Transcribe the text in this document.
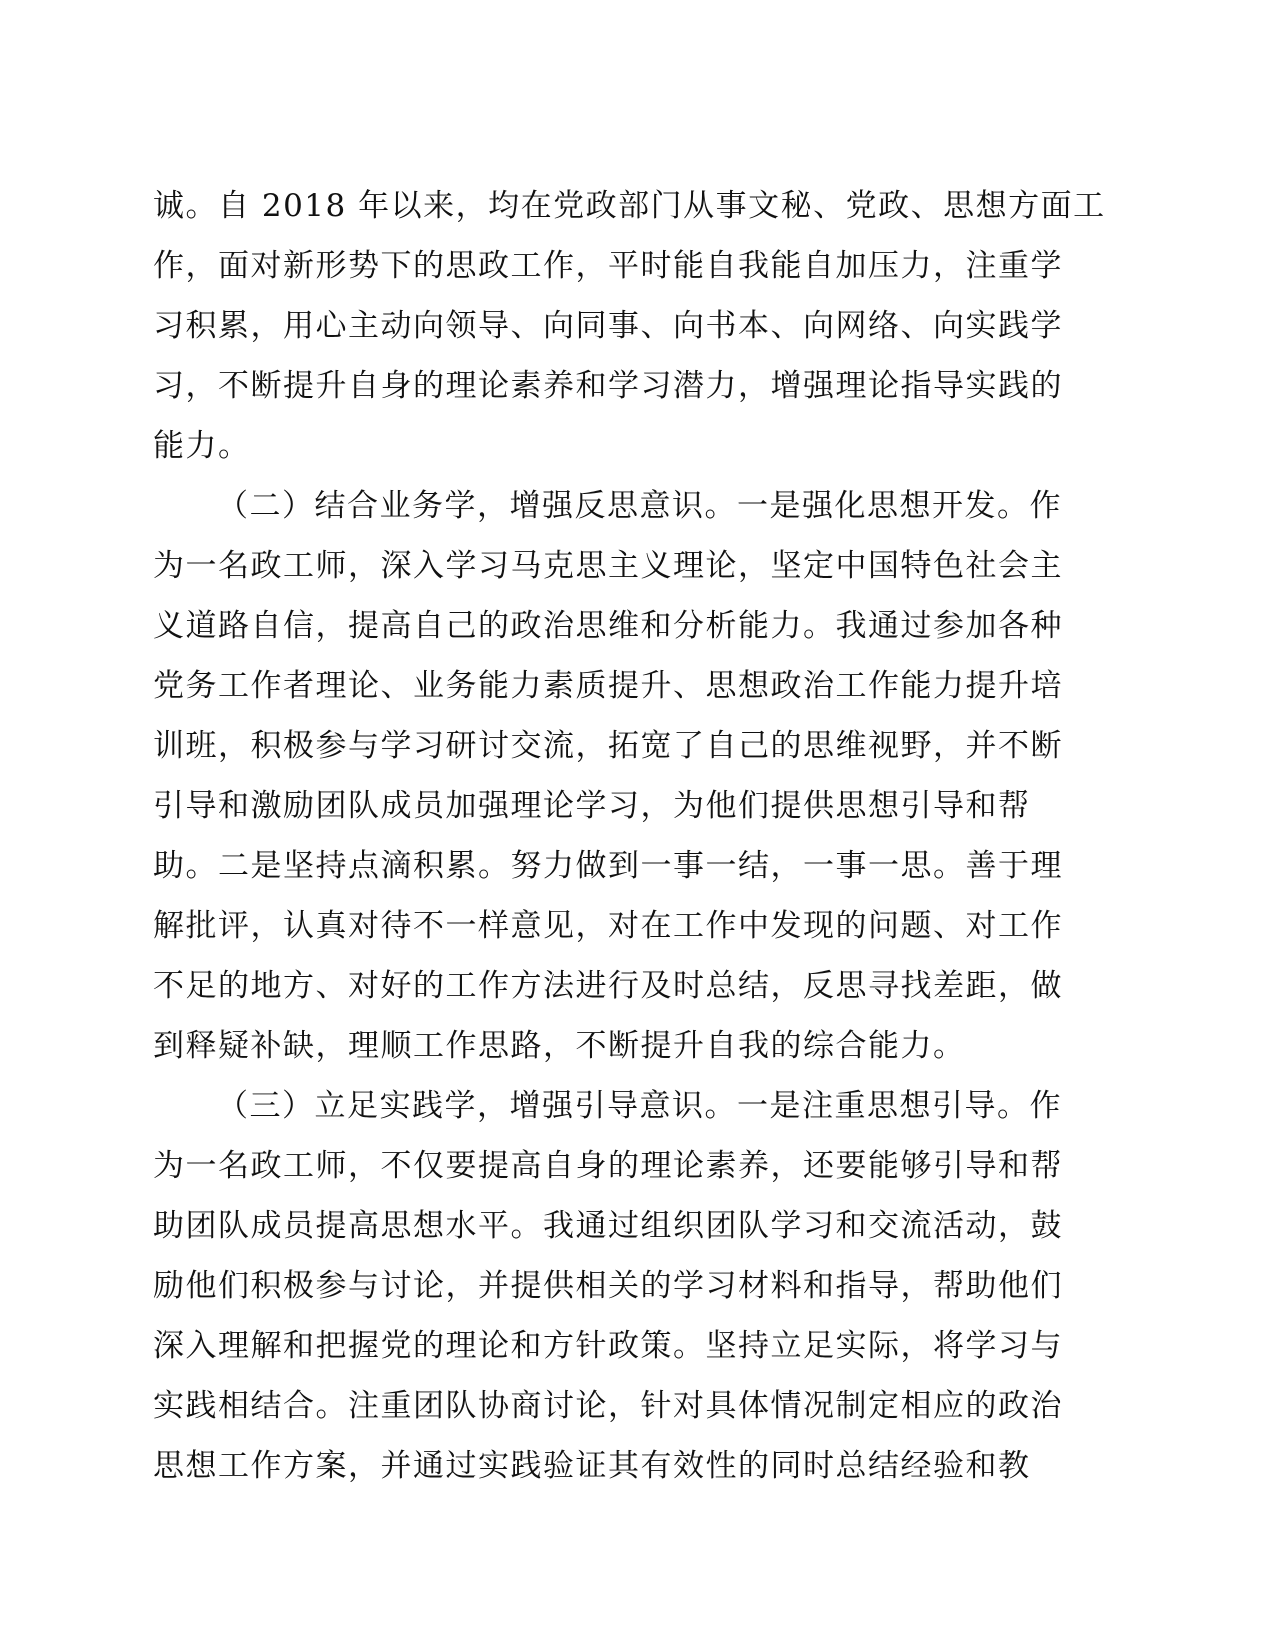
诚。自 2018 年以来，均在党政部门从事文秘、党政、思想方面工
作，面对新形势下的思政工作，平时能自我能自加压力，注重学
习积累，用心主动向领导、向同事、向书本、向网络、向实践学
习，不断提升自身的理论素养和学习潜力，增强理论指导实践的
能力。
（二）结合业务学，增强反思意识。一是强化思想开发。作
为一名政工师，深入学习马克思主义理论，坚定中国特色社会主
义道路自信，提高自己的政治思维和分析能力。我通过参加各种
党务工作者理论、业务能力素质提升、思想政治工作能力提升培
训班，积极参与学习研讨交流，拓宽了自己的思维视野，并不断
引导和激励团队成员加强理论学习，为他们提供思想引导和帮
助。二是坚持点滴积累。努力做到一事一结，一事一思。善于理
解批评，认真对待不一样意见，对在工作中发现的问题、对工作
不足的地方、对好的工作方法进行及时总结，反思寻找差距，做
到释疑补缺，理顺工作思路，不断提升自我的综合能力。
（三）立足实践学，增强引导意识。一是注重思想引导。作
为一名政工师，不仅要提高自身的理论素养，还要能够引导和帮
助团队成员提高思想水平。我通过组织团队学习和交流活动，鼓
励他们积极参与讨论，并提供相关的学习材料和指导，帮助他们
深入理解和把握党的理论和方针政策。坚持立足实际，将学习与
实践相结合。注重团队协商讨论，针对具体情况制定相应的政治
思想工作方案，并通过实践验证其有效性的同时总结经验和教
